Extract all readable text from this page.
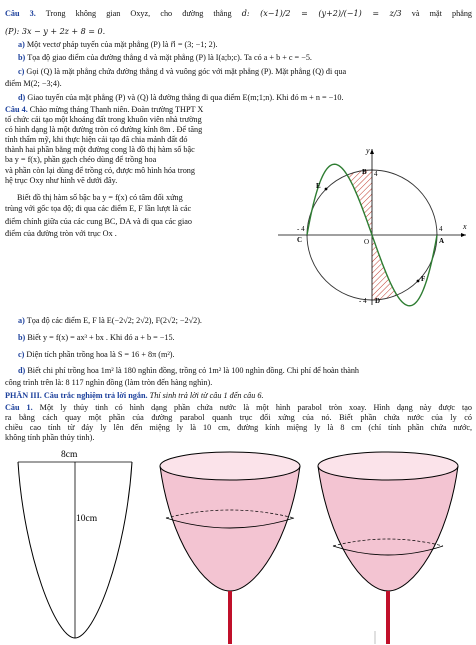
Câu 3. Trong không gian Oxyz, cho đường thẳng d: (x−1)/2 = (y+2)/(−1) = z/3 và mặt phẳng
(P): 3x − y + 2z + 8 = 0.
a) Một vectơ pháp tuyến của mặt phẳng (P) là n⃗ = (3; −1; 2).
b) Tọa độ giao điểm của đường thẳng d và mặt phẳng (P) là I(a;b;c). Ta có a + b + c = −5.
c) Gọi (Q) là mặt phẳng chứa đường thẳng d và vuông góc với mặt phẳng (P). Mặt phẳng (Q) đi qua
điểm M(2; −3;4).
d) Giao tuyến của mặt phẳng (P) và (Q) là đường thẳng đi qua điểm E(m;1;n). Khi đó m + n = −10.
Câu 4. Chào mừng tháng Thanh niên. Đoàn trường THPT X
tổ chức cải tạo một khoảng đất trong khuôn viên nhà trường
có hình dạng là một đường tròn có đường kính 8m . Để tăng
tính thẩm mỹ, khi thực hiện cải tạo đã chia mảnh đất đó
thành hai phần bằng một đường cong là đồ thị hàm số bậc
ba y = f(x), phần gạch chéo dùng để trồng hoa
và phần còn lại dùng để trồng cỏ, được mô hình hóa trong
hệ trục Oxy như hình vẽ dưới đây.
Biết đồ thị hàm số bậc ba y = f(x) có tâm đối xứng
trùng với gốc tọa độ; đi qua các điểm E, F lần lượt là các
điểm chính giữa của các cung BC, DA và đi qua các giao
điểm của đường tròn với trục Ox .
a) Tọa độ các điểm E, F là E(−2√2; 2√2), F(2√2; −2√2).
b) Biết y = f(x) = ax³ + bx . Khi đó a + b = −15.
c) Diện tích phần trồng hoa là S = 16 + 8π (m²).
d) Biết chi phí trồng hoa 1m² là 180 nghìn đồng, trồng cỏ 1m² là 100 nghìn đồng. Chi phí để hoàn thành
công trình trên là: 8 117 nghìn đồng (làm tròn đến hàng nghìn).
y
x
B 4
E
- 4
C	O
4
A
F
- 4 D
PHẦN III. Câu trắc nghiệm trả lời ngắn. Thí sinh trả lời từ câu 1 đến câu 6.
Câu 1. Một ly thủy tinh có hình dạng phần chứa nước là một hình parabol tròn xoay. Hình dạng này được tạo
ra bằng cách quay một phần của đường parabol quanh trục đối xứng của nó. Biết phần chứa nước của ly có
chiều cao tính từ đáy ly lên đến miệng ly là 10 cm, đường kính miệng ly là 8 cm (chỉ tính phần chứa nước,
không tính phần thủy tinh).
8cm
10cm
